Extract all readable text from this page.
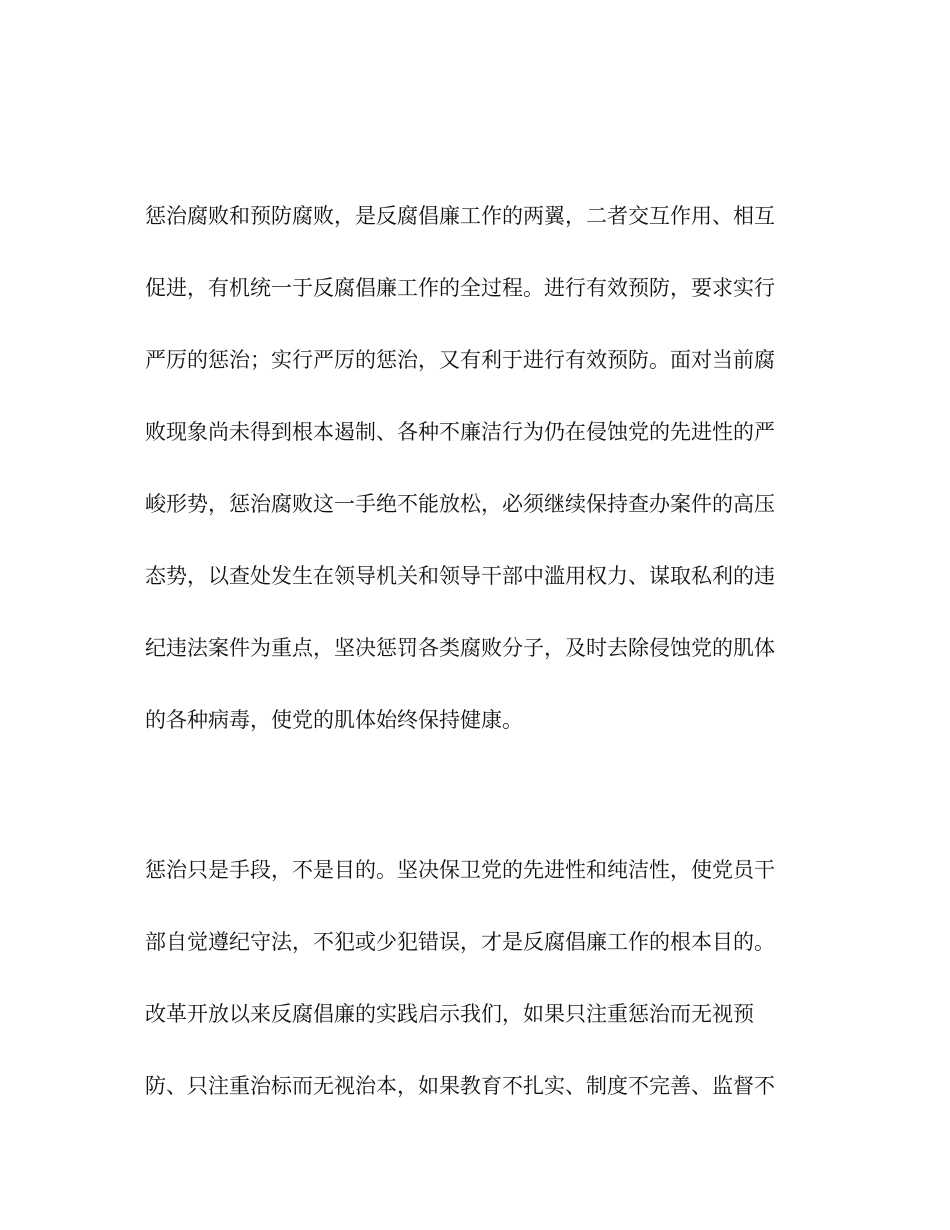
惩治腐败和预防腐败，是反腐倡廉工作的两翼，二者交互作用、相互
促进，有机统一于反腐倡廉工作的全过程。进行有效预防，要求实行
严厉的惩治；实行严厉的惩治，又有利于进行有效预防。面对当前腐
败现象尚未得到根本遏制、各种不廉洁行为仍在侵蚀党的先进性的严
峻形势，惩治腐败这一手绝不能放松，必须继续保持查办案件的高压
态势，以查处发生在领导机关和领导干部中滥用权力、谋取私利的违
纪违法案件为重点，坚决惩罚各类腐败分子，及时去除侵蚀党的肌体
的各种病毒，使党的肌体始终保持健康。
惩治只是手段，不是目的。坚决保卫党的先进性和纯洁性，使党员干
部自觉遵纪守法，不犯或少犯错误，才是反腐倡廉工作的根本目的。
改革开放以来反腐倡廉的实践启示我们，如果只注重惩治而无视预
防、只注重治标而无视治本，如果教育不扎实、制度不完善、监督不
